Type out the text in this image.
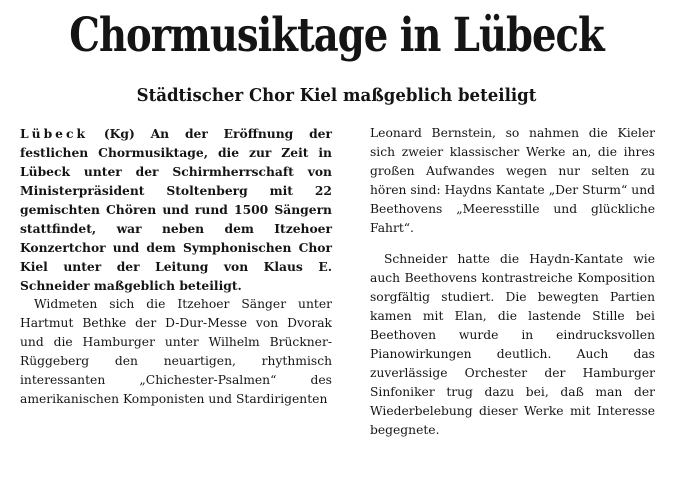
Chormusiktage in Lübeck
Städtischer Chor Kiel maßgeblich beteiligt

Lübeck (Kg) An der Eröffnung der festlichen Chormusiktage, die zur Zeit in Lübeck unter der Schirmherrschaft von Ministerpräsident Stoltenberg mit 22 gemischten Chören und rund 1500 Sängern stattfindet, war neben dem Itzehoer Konzertchor und dem Symphonischen Chor Kiel unter der Leitung von Klaus E. Schneider maßgeblich beteiligt.

Widmeten sich die Itzehoer Sänger unter Hartmut Bethke der D-Dur-Messe von Dvorak und die Hamburger unter Wilhelm Brückner-Rüggeberg den neuartigen, rhythmisch interessanten „Chichester-Psalmen“ des amerikanischen Komponisten und Stardirigenten

Leonard Bernstein, so nahmen die Kieler sich zweier klassischer Werke an, die ihres großen Aufwandes wegen nur selten zu hören sind: Haydns Kantate „Der Sturm“ und Beethovens „Meeresstille und glückliche Fahrt“.

Schneider hatte die Haydn-Kantate wie auch Beethovens kontrastreiche Komposition sorgfältig studiert. Die bewegten Partien kamen mit Elan, die lastende Stille bei Beethoven wurde in eindrucksvollen Pianowirkungen deutlich. Auch das zuverlässige Orchester der Hamburger Sinfoniker trug dazu bei, daß man der Wiederbelebung dieser Werke mit Interesse begegnete.
